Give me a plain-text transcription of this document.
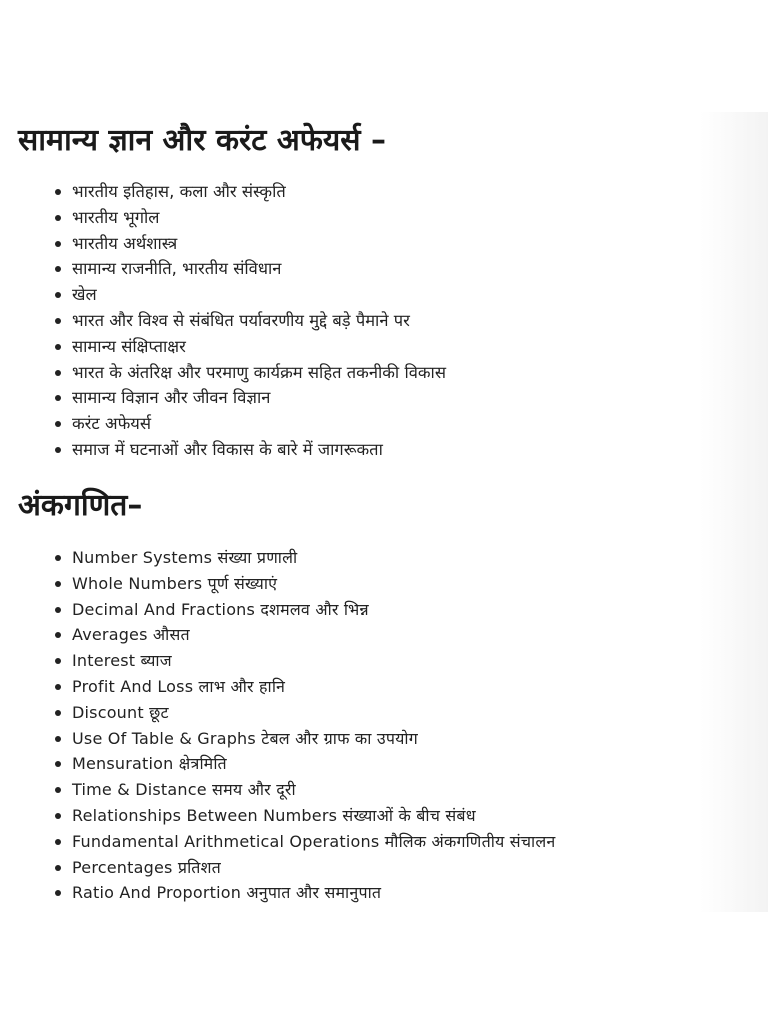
सामान्य ज्ञान और करंट अफेयर्स –
भारतीय इतिहास, कला और संस्कृति
भारतीय भूगोल
भारतीय अर्थशास्त्र
सामान्य राजनीति, भारतीय संविधान
खेल
भारत और विश्व से संबंधित पर्यावरणीय मुद्दे बड़े पैमाने पर
सामान्य संक्षिप्ताक्षर
भारत के अंतरिक्ष और परमाणु कार्यक्रम सहित तकनीकी विकास
सामान्य विज्ञान और जीवन विज्ञान
करंट अफेयर्स
समाज में घटनाओं और विकास के बारे में जागरूकता
अंकगणित–
Number Systems संख्या प्रणाली
Whole Numbers पूर्ण संख्याएं
Decimal And Fractions दशमलव और भिन्न
Averages औसत
Interest ब्याज
Profit And Loss लाभ और हानि
Discount छूट
Use Of Table & Graphs टेबल और ग्राफ का उपयोग
Mensuration क्षेत्रमिति
Time & Distance समय और दूरी
Relationships Between Numbers संख्याओं के बीच संबंध
Fundamental Arithmetical Operations मौलिक अंकगणितीय संचालन
Percentages प्रतिशत
Ratio And Proportion अनुपात और समानुपात
